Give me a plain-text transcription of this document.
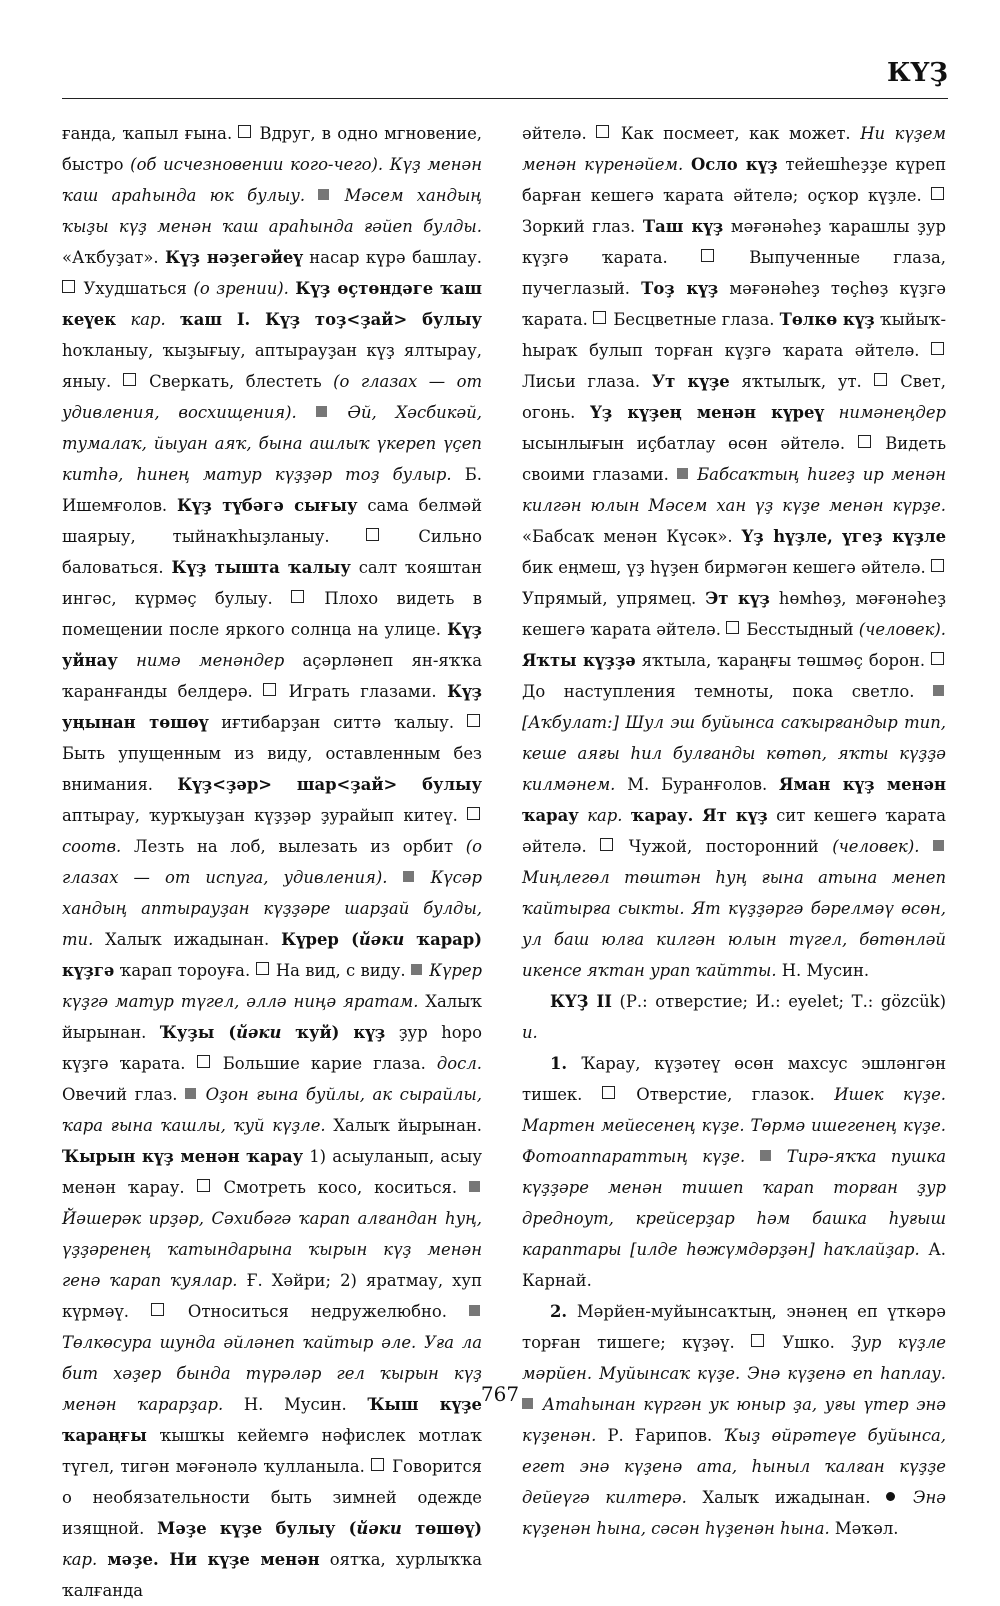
КҮҘ

ғанда, ҡапыл ғына.  Вдруг, в одно мгновение, быстро (об исчезновении кого-чего). Күҙ менән ҡаш араһында юк булыу.  Мәсем хандың ҡыҙы күҙ менән ҡаш араһында ғәйеп булды. «Аҡбуҙат». Күҙ нәҙегәйеү насар күрә башлау.  Ухудшаться (о зрении). Күҙ өҫтөндәге ҡаш кеүек кар. ҡаш I. Күҙ тоҙ<ҙай> булыу һоҡланыу, ҡыҙығыу, аптырауҙан күҙ ялтырау, яныу.  Сверкать, блестеть (о глазах — от удивления, восхищения).  Әй, Хәсбикәй, тумалаҡ, йыуан аяҡ, бына ашлыҡ үкереп үҫеп китһә, һинең матур күҙҙәр тоҙ булыр. Б. Ишемғолов. Күҙ түбәгә сығыу сама белмәй шаярыу, тыйнаҡһыҙланыу.  Сильно баловаться. Күҙ тышта ҡалыу салт ҡояштан ингәс, күрмәҫ булыу.  Плохо видеть в помещении после яркого солнца на улице. Күҙ уйнау нимә менәндер аҫәрләнеп ян-яҡҡа ҡаранғанды белдерә.  Играть глазами. Күҙ уңынан төшөү иғтибарҙан ситтә ҡалыу.  Быть упущенным из виду, оставленным без внимания. Күҙ<ҙәр> шар<ҙай> булыу аптырау, ҡурҡыуҙан күҙҙәр ҙурайып китеү.  соотв. Лезть на лоб, вылезать из орбит (о глазах — от испуга, удивления).  Күсәр хандың аптырауҙан күҙҙәре шарҙай булды, ти. Халыҡ ижадынан. Күрер (йәки ҡарар) күҙгә ҡарап тороуға.  На вид, с виду.  Күрер күҙгә матур түгел, әллә ниңә яратам. Халыҡ йырынан. Ҡуҙы (йәки ҡуй) күҙ ҙур һоро күҙгә ҡарата.  Большие карие глаза. досл. Овечий глаз.  Оҙон ғына буйлы, ак сырайлы, ҡара ғына ҡашлы, ҡуй күҙле. Халыҡ йырынан. Ҡырын күҙ менән ҡарау 1) асыуланып, асыу менән ҡарау.  Смотреть косо, коситься.  Йәшерәк ирҙәр, Сәхибәгә ҡарап алғандан һуң, үҙҙәренең ҡатындарына ҡырын күҙ менән генә ҡарап ҡуялар. Ғ. Хәйри; 2) яратмау, хуп күрмәү.  Относиться недружелюбно.  Төлкөсура шунда әйләнеп ҡайтыр әле. Уға ла бит хәҙер бында түрәләр гел ҡырын күҙ менән ҡарарҙар. Н. Мусин. Ҡыш күҙе ҡараңғы ҡышҡы кейемгә нәфислек мотлаҡ түгел, тигән мәғәнәлә ҡулланыла.  Говорится о необязательности быть зимней одежде изящной. Мәҙе күҙе булыу (йәки төшөү) кар. мәҙе. Ни күҙе менән оятҡа, хурлыҡҡа ҡалғанда

әйтелә.  Как посмеет, как может. Ни күҙем менән күренәйем. Осло күҙ тейешһеҙҙе күреп барған кешегә ҡарата әйтелә; оҫҡор күҙле.  Зоркий глаз. Таш күҙ мәғәнәһеҙ ҡарашлы ҙур күҙгә ҡарата.  Выпученные глаза, пучеглазый. Тоҙ күҙ мәғәнәһеҙ төҫһөҙ күҙгә ҡарата.  Бесцветные глаза. Төлкө күҙ ҡыйыҡһыраҡ булып торған күҙгә ҡарата әйтелә.  Лисьи глаза. Ут күҙе яҡтылыҡ, ут.  Свет, огонь. Үҙ күҙең менән күреү нимәнеңдер ысынлығын иҫбатлау өсөн әйтелә.  Видеть своими глазами.  Бабсаҡтың һигеҙ ир менән килгән юлын Мәсем хан үҙ күҙе менән күрҙе. «Бабсаҡ менән Күсәк». Үҙ һүҙле, үгеҙ күҙле бик еңмеш, үҙ һүҙен бирмәгән кешегә әйтелә.  Упрямый, упрямец. Эт күҙ һөмһөҙ, мәғәнәһеҙ кешегә ҡарата әйтелә.  Бесстыдный (человек). Яҡты күҙҙә яҡтыла, ҡараңғы төшмәҫ борон.  До наступления темноты, пока светло.  [Аҡбулат:] Шул эш буйынса саҡырғандыр тип, кеше аяғы һил булғанды көтөп, яҡты күҙҙә килмәнем. М. Буранғолов. Яман күҙ менән ҡарау кар. ҡарау. Ят күҙ сит кешегә ҡарата әйтелә.  Чужой, посторонний (человек).  Миңлегөл төштән һуң ғына атына менеп ҡайтырға сыкты. Ят күҙҙәргә бәрелмәү өсөн, ул баш юлға килгән юлын түгел, бөтөнләй икенсе яҡтан урап ҡайтты. Н. Мусин.

КҮҘ II (Р.: отверстие; И.: eyelet; Т.: gözcük) и.

1. Ҡарау, күҙәтеү өсөн махсус эшләнгән тишек.  Отверстие, глазок. Ишек күҙе. Мартен мейесенең күҙе. Төрмә ишегенең күҙе. Фотоаппараттың күҙе.  Тирә-яҡҡа пушка күҙҙәре менән тишеп ҡарап торған ҙур дредноут, крейсерҙар һәм башка һуғыш караптары [илде һөжүмдәрҙән] һаҡлайҙар. А. Карнай.

2. Мәрйен-муйынсаҡтың, энәнең еп үткәрә торған тишеге; күҙәү.  Ушко. Ҙур күҙле мәрйен. Муйынсаҡ күҙе. Энә күҙенә еп һаплау.  Атаһынан күргән ук юныр ҙа, уғы үтер энә күҙенән. Р. Ғарипов. Ҡыҙ өйрәтеүе буйынса, егет энә күҙенә ата, һыныл ҡалған күҙҙе дейеүгә килтерә. Халыҡ ижадынан.  Энә күҙенән һына, сәсән һүҙенән һына. Мәҡәл.

767
